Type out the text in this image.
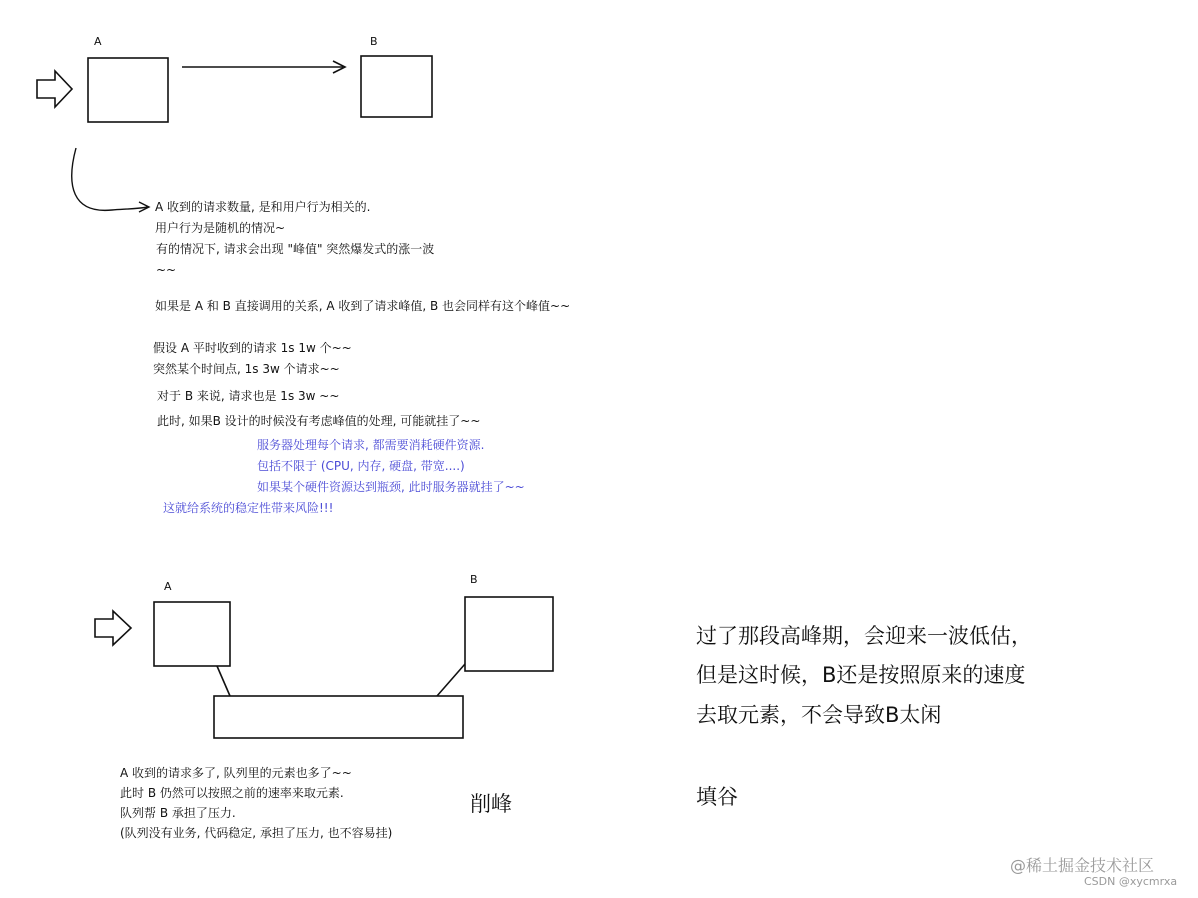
A	B
A 收到的请求数量, 是和用户行为相关的.
用户行为是随机的情况~
有的情况下, 请求会出现 "峰值" 突然爆发式的涨一波
~~
如果是 A 和 B 直接调用的关系, A 收到了请求峰值, B 也会同样有这个峰值~~
假设 A 平时收到的请求 1s 1w 个~~
突然某个时间点, 1s 3w 个请求~~
对于 B 来说, 请求也是 1s 3w ~~
此时, 如果B 设计的时候没有考虑峰值的处理, 可能就挂了~~
服务器处理每个请求, 都需要消耗硬件资源.
包括不限于 (CPU, 内存, 硬盘, 带宽....)
如果某个硬件资源达到瓶颈, 此时服务器就挂了~~
这就给系统的稳定性带来风险!!!
A
B
A 收到的请求多了, 队列里的元素也多了~~
此时 B 仍然可以按照之前的速率来取元素.
队列帮 B 承担了压力.
(队列没有业务, 代码稳定, 承担了压力, 也不容易挂)
削峰
过了那段高峰期，会迎来一波低估，
但是这时候，B还是按照原来的速度
去取元素，不会导致B太闲
填谷
@稀土掘金技术社区
CSDN @xycmrxa
